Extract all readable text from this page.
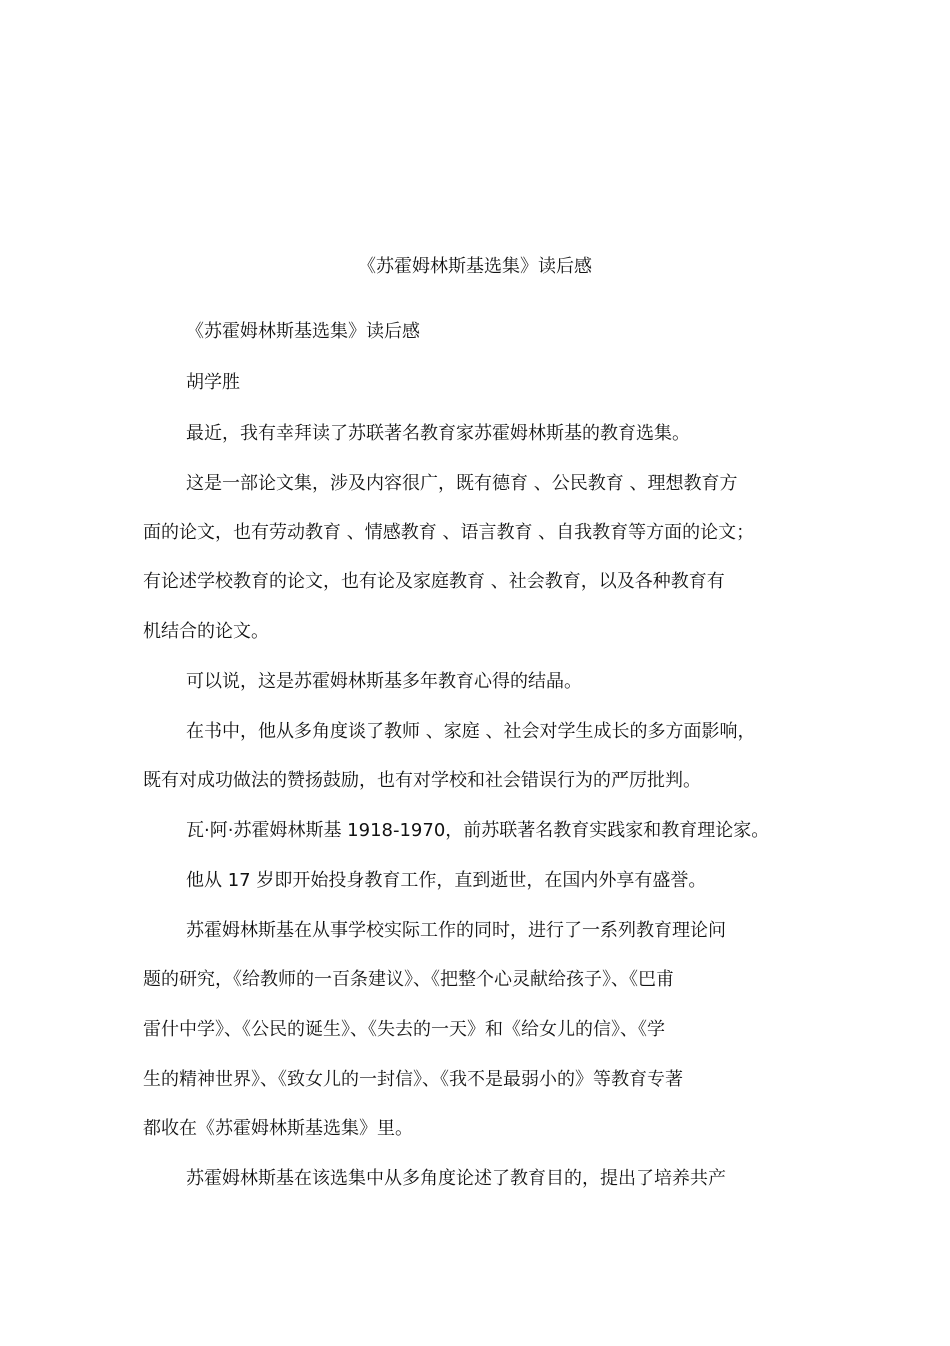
《苏霍姆林斯基选集》读后感
《苏霍姆林斯基选集》读后感
胡学胜
最近，我有幸拜读了苏联著名教育家苏霍姆林斯基的教育选集。
这是一部论文集，涉及内容很广，既有德育 、公民教育 、理想教育方
面的论文，也有劳动教育 、情感教育 、语言教育 、自我教育等方面的论文；
有论述学校教育的论文，也有论及家庭教育 、社会教育，以及各种教育有
机结合的论文。
可以说，这是苏霍姆林斯基多年教育心得的结晶。
在书中，他从多角度谈了教师 、家庭 、社会对学生成长的多方面影响，
既有对成功做法的赞扬鼓励，也有对学校和社会错误行为的严厉批判。
瓦·阿·苏霍姆林斯基 1918-1970，前苏联著名教育实践家和教育理论家。
他从 17 岁即开始投身教育工作，直到逝世，在国内外享有盛誉。
苏霍姆林斯基在从事学校实际工作的同时，进行了一系列教育理论问
题的研究，《给教师的一百条建议》、《把整个心灵献给孩子》、《巴甫
雷什中学》、《公民的诞生》、《失去的一天》和《给女儿的信》、《学
生的精神世界》、《致女儿的一封信》、《我不是最弱小的》等教育专著
都收在《苏霍姆林斯基选集》里。
苏霍姆林斯基在该选集中从多角度论述了教育目的，提出了培养共产
